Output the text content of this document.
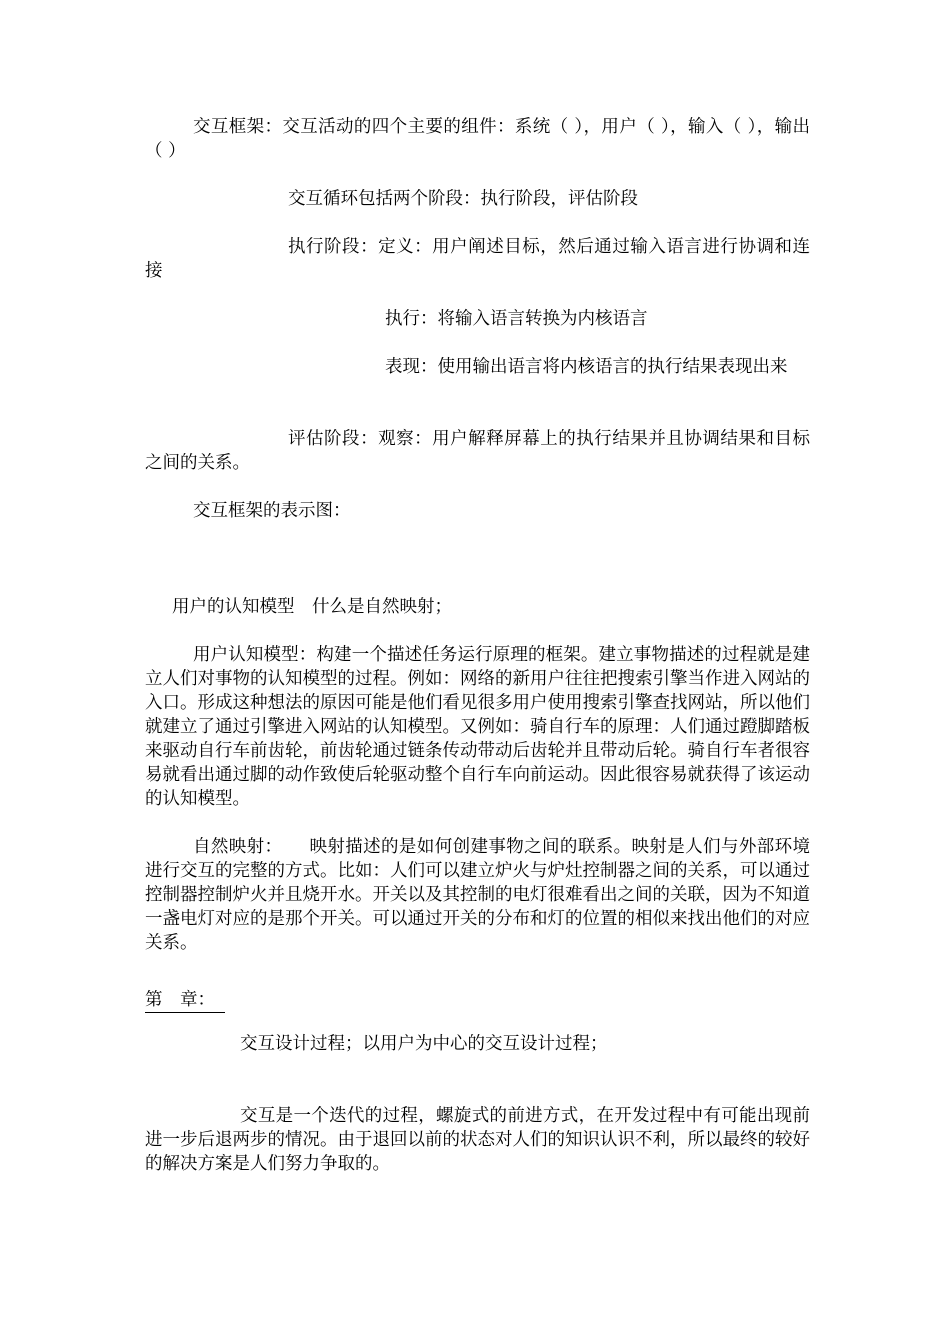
交互框架：交互活动的四个主要的组件：系统（ ），用户（ ），输入（ ），输出（ ）

交互循环包括两个阶段：执行阶段，评估阶段

执行阶段：定义：用户阐述目标，然后通过输入语言进行协调和连接

执行：将输入语言转换为内核语言

表现：使用输出语言将内核语言的执行结果表现出来

评估阶段：观察：用户解释屏幕上的执行结果并且协调结果和目标之间的关系。

交互框架的表示图：

用户的认知模型　什么是自然映射；

用户认知模型：构建一个描述任务运行原理的框架。建立事物描述的过程就是建立人们对事物的认知模型的过程。例如：网络的新用户往往把搜索引擎当作进入网站的入口。形成这种想法的原因可能是他们看见很多用户使用搜索引擎查找网站，所以他们就建立了通过引擎进入网站的认知模型。又例如：骑自行车的原理：人们通过蹬脚踏板来驱动自行车前齿轮，前齿轮通过链条传动带动后齿轮并且带动后轮。骑自行车者很容易就看出通过脚的动作致使后轮驱动整个自行车向前运动。因此很容易就获得了该运动的认知模型。

自然映射：　　映射描述的是如何创建事物之间的联系。映射是人们与外部环境进行交互的完整的方式。比如：人们可以建立炉火与炉灶控制器之间的关系，可以通过控制器控制炉火并且烧开水。开关以及其控制的电灯很难看出之间的关联，因为不知道一盏电灯对应的是那个开关。可以通过开关的分布和灯的位置的相似来找出他们的对应关系。

第　章：

交互设计过程；以用户为中心的交互设计过程；

交互是一个迭代的过程，螺旋式的前进方式，在开发过程中有可能出现前进一步后退两步的情况。由于退回以前的状态对人们的知识认识不利，所以最终的较好的解决方案是人们努力争取的。
